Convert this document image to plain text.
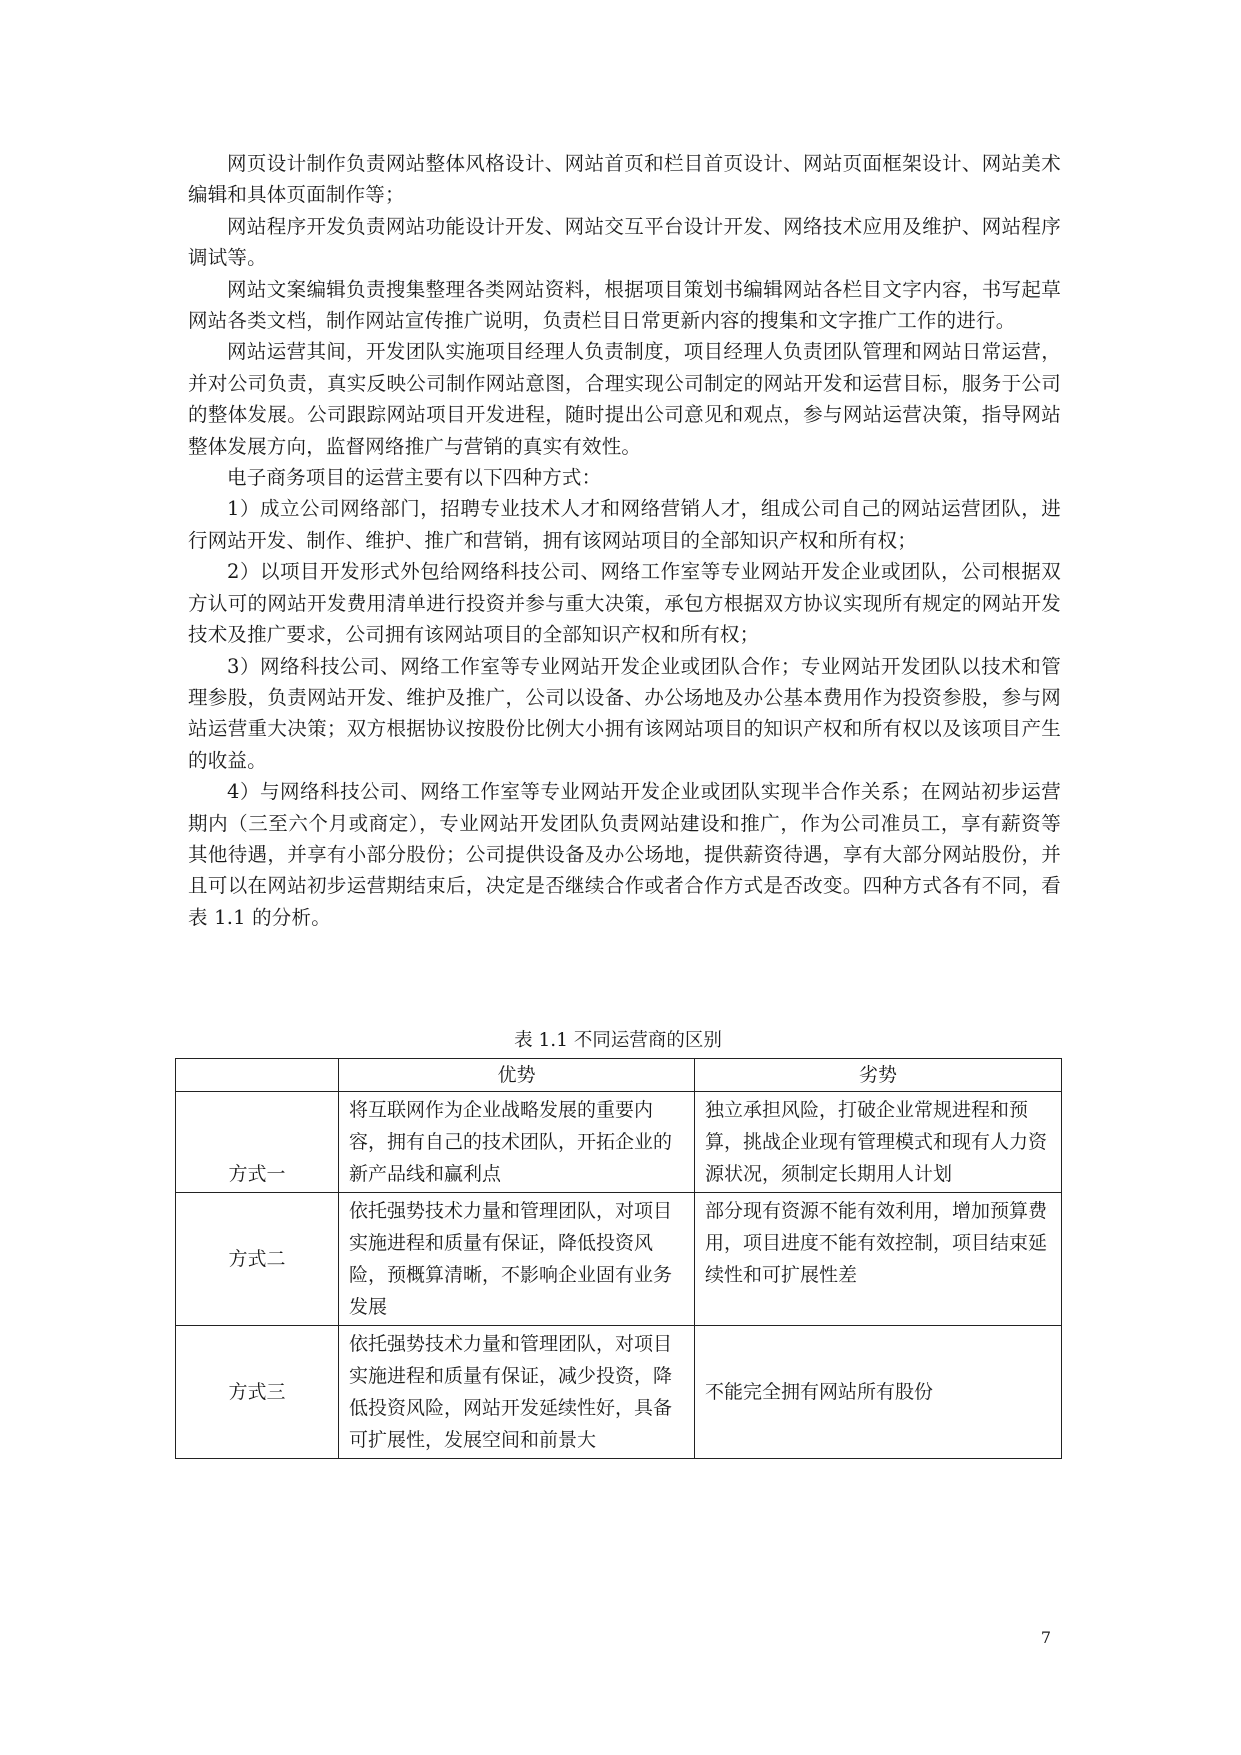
网页设计制作负责网站整体风格设计、网站首页和栏目首页设计、网站页面框架设计、网站美术编辑和具体页面制作等；

网站程序开发负责网站功能设计开发、网站交互平台设计开发、网络技术应用及维护、网站程序调试等。

网站文案编辑负责搜集整理各类网站资料，根据项目策划书编辑网站各栏目文字内容，书写起草网站各类文档，制作网站宣传推广说明，负责栏目日常更新内容的搜集和文字推广工作的进行。

网站运营其间，开发团队实施项目经理人负责制度，项目经理人负责团队管理和网站日常运营，并对公司负责，真实反映公司制作网站意图，合理实现公司制定的网站开发和运营目标，服务于公司的整体发展。公司跟踪网站项目开发进程，随时提出公司意见和观点，参与网站运营决策，指导网站整体发展方向，监督网络推广与营销的真实有效性。

电子商务项目的运营主要有以下四种方式：

1）成立公司网络部门，招聘专业技术人才和网络营销人才，组成公司自己的网站运营团队，进行网站开发、制作、维护、推广和营销，拥有该网站项目的全部知识产权和所有权；

2）以项目开发形式外包给网络科技公司、网络工作室等专业网站开发企业或团队，公司根据双方认可的网站开发费用清单进行投资并参与重大决策，承包方根据双方协议实现所有规定的网站开发技术及推广要求，公司拥有该网站项目的全部知识产权和所有权；

3）网络科技公司、网络工作室等专业网站开发企业或团队合作；专业网站开发团队以技术和管理参股，负责网站开发、维护及推广，公司以设备、办公场地及办公基本费用作为投资参股，参与网站运营重大决策；双方根据协议按股份比例大小拥有该网站项目的知识产权和所有权以及该项目产生的收益。

4）与网络科技公司、网络工作室等专业网站开发企业或团队实现半合作关系；在网站初步运营期内（三至六个月或商定），专业网站开发团队负责网站建设和推广，作为公司准员工，享有薪资等其他待遇，并享有小部分股份；公司提供设备及办公场地，提供薪资待遇，享有大部分网站股份，并且可以在网站初步运营期结束后，决定是否继续合作或者合作方式是否改变。四种方式各有不同，看表 1.1 的分析。

表 1.1 不同运营商的区别
	优势	劣势
方式一	将互联网作为企业战略发展的重要内容，拥有自己的技术团队，开拓企业的新产品线和赢利点	独立承担风险，打破企业常规进程和预算，挑战企业现有管理模式和现有人力资源状况，须制定长期用人计划
方式二	依托强势技术力量和管理团队，对项目实施进程和质量有保证，降低投资风险，预概算清晰，不影响企业固有业务发展	部分现有资源不能有效利用，增加预算费用，项目进度不能有效控制，项目结束延续性和可扩展性差
方式三	依托强势技术力量和管理团队，对项目实施进程和质量有保证，减少投资，降低投资风险，网站开发延续性好，具备可扩展性，发展空间和前景大	不能完全拥有网站所有股份
7
